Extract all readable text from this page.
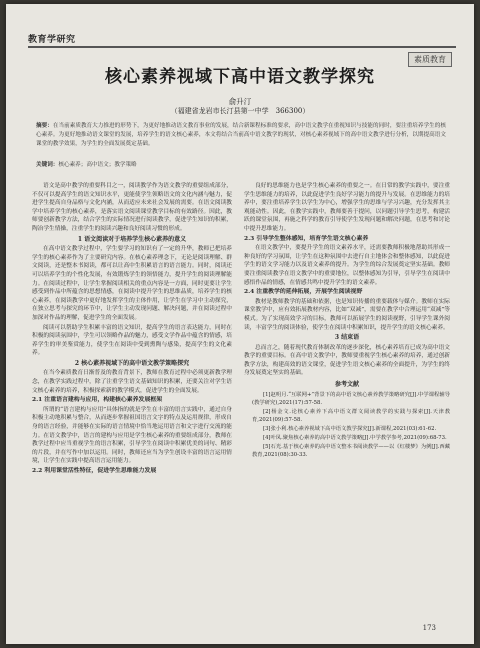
教育学研究
素质教育
核心素养视域下高中语文教学探究
俞升汀
（福建省龙岩市长汀县第一中学　366300）
摘要：在当前素质教育大力推进的形势下，为更好地推动语文教育事业的发展，结合新课程标准的要求，高中语文教学在重视知识与技能的同时，要注重培养学生的核心素养。为更好地推动语文课堂的发展，培养学生的语文核心素养，本文将结合当前高中语文教学的现状，对核心素养视域下的高中语文教学进行分析，以期提高语文课堂的教学效果，为学生的全面发展奠定基础。
关键词：核心素养；高中语文；教学策略

语文是高中教学的重要科目之一，阅读教学作为语文教学的重要组成部分，不仅可以提高学生的语文知识水平，更能使学生领略语文的文化内涵与魅力，促进学生提高自身品格与文化内涵，从而适应未来社会发展的需要。在语文阅读教学中培养学生的核心素养，是落实语文阅读课堂教学目标的有效路径。因此，教师要创新教学方法，结合学生的实际情况进行阅读教学，促进学生知识的积累，陶冶学生情操，注重学生的阅读兴趣和良好阅读习惯的形成。

1 语文阅读对于培养学生核心素养的意义

在高中语文教学过程中，学生要学习的知识有了一定的升华，教师已把培养学生的核心素养作为了主要研究内容。在核心素养理念下，无论是阅读理解、群文阅读，还是整本书阅读，都可以让高中生积累语言的语言能力。同时，阅读还可以培养学生的个性化发展，有效锻炼学生的领悟能力，提升学生的阅读理解能力。在阅读过程中，让学生掌握阅读相关的重点内容是一方面，同时更要让学生感受到作品中所蕴含的思想情感，在阅读中提升学生的思维品质，培养学生的核心素养，在阅读教学中更好地发挥学生的主体作用，让学生在学习中主动探究，在独立思考与探究的环节中，让学生主动发现问题、解决问题，并在阅读过程中加深对作品的理解，促进学生的全面发展。

阅读可以帮助学生积累丰富的语文知识，提高学生的语言表达能力，同时在积极的阅读氛围中，学生可以领略作品的魅力，感受文学作品中蕴含的情感，培养学生的审美鉴赏能力，使学生在阅读中受到熏陶与感染，提高学生的文化素养。

2 核心素养视域下的高中语文教学策略探究

在当今素质教育日渐普及的教育背景下，教师在教育过程中必须更新教学理念，在教学实践过程中，除了注重学生语文基础知识的积累，还要关注对学生语文核心素养的培养，积极探索新的教学模式，促进学生的全面发展。

2.1 注重语言建构与应用，构建核心素养发展框架

所谓的“语言建构与应用”具体指的就是学生在丰富的语言实践中，通过自身积极主动地积累与整合，从而逐步掌握祖国语言文字的特点及运用规律，形成自身的语言经验，并能够在实际的语言情境中恰当地运用语言和文字进行交流的能力。在语文教学中，语言的建构与应用是学生核心素养的重要组成部分，教师在教学过程中应当重视学生的语言积累，引导学生在阅读中积累优美的词句、精彩的片段，并在写作中加以运用。同时，教师还应当为学生创设丰富的语言运用情境，让学生在实践中提高语言运用能力。

2.2 利用课堂活性特征，促进学生思维能力发展

良好的思维能力也是学生核心素养的重要之一。在日常的教学实践中，要注重学生思维能力的培养，以此促进学生良好学习能力的提升与发展。在思维能力的培养中，要注重培养学生以学生为中心，增强学生的思维与学习兴趣，充分发挥其主观能动性。因此，在教学实践中，教师要善于提问，以问题引导学生思考，构建活跃的课堂氛围，再施之科学的教育引导使学生发现问题和解决问题，在思考和讨论中提升思维能力。

2.3 引导学生整体感知，培育学生语文核心素养

在语文教学中，要提升学生的语文素养水平，还需要教师积极地帮助其形成一种良好的学习氛围，让学生在这种氛围中去进行自主地体会和整体感知，以此促进学生的语文学习能力以及语文素养的提升。为学生的综合发展奠定坚实基础。教师要注重阅读教学在语文教学中的重要地位，以整体感知为引导，引导学生在阅读中感悟作品的情感，在情感共鸣中提升学生的语文素养。

2.4 注重教学的延伸拓展，开展学生阅读视野

教材是教师教学的基础和依据，也是知识传播的重要载体与媒介。教师在实际课堂教学中，应有效拓展教材内容，比如“双减”，需要在教学中合理运用“双减”等模式。为了实现高效学习的目标，教师可以拓展学生的阅读视野，引导学生课外阅读，丰富学生的阅读体验，使学生在阅读中积累知识，提升学生的语文核心素养。

3 结束语

总而言之，随着现代教育体制改革的逐步深化，核心素养培育已成为高中语文教学的重要目标。在高中语文教学中，教师要重视学生核心素养的培养，通过创新教学方法，构建高效的语文课堂，促进学生语文核心素养的全面提升，为学生的终身发展奠定坚实的基础。

参考文献

[1]赵明月.“互联网+”背景下的高中语文核心素养教学策略研究[J].中学课程辅导(教学研究),2021(17):57-58.

[2]杨金文.论核心素养下高中语文群文阅读教学的实践与探索[J].天津教育,2021(09):57-58.

[3]张小利.核心素养视域下高中语文教学探究[J].新课程,2021(03):61-62.

[4]叶凤.聚焦核心素养的高中语文教学策略[J].中学教学参考,2021(09):68-73.

[5]石光.基于核心素养的高中语文整本书阅读教学——以《红楼梦》为例[J].西藏教育,2021(08):30-33.

173
